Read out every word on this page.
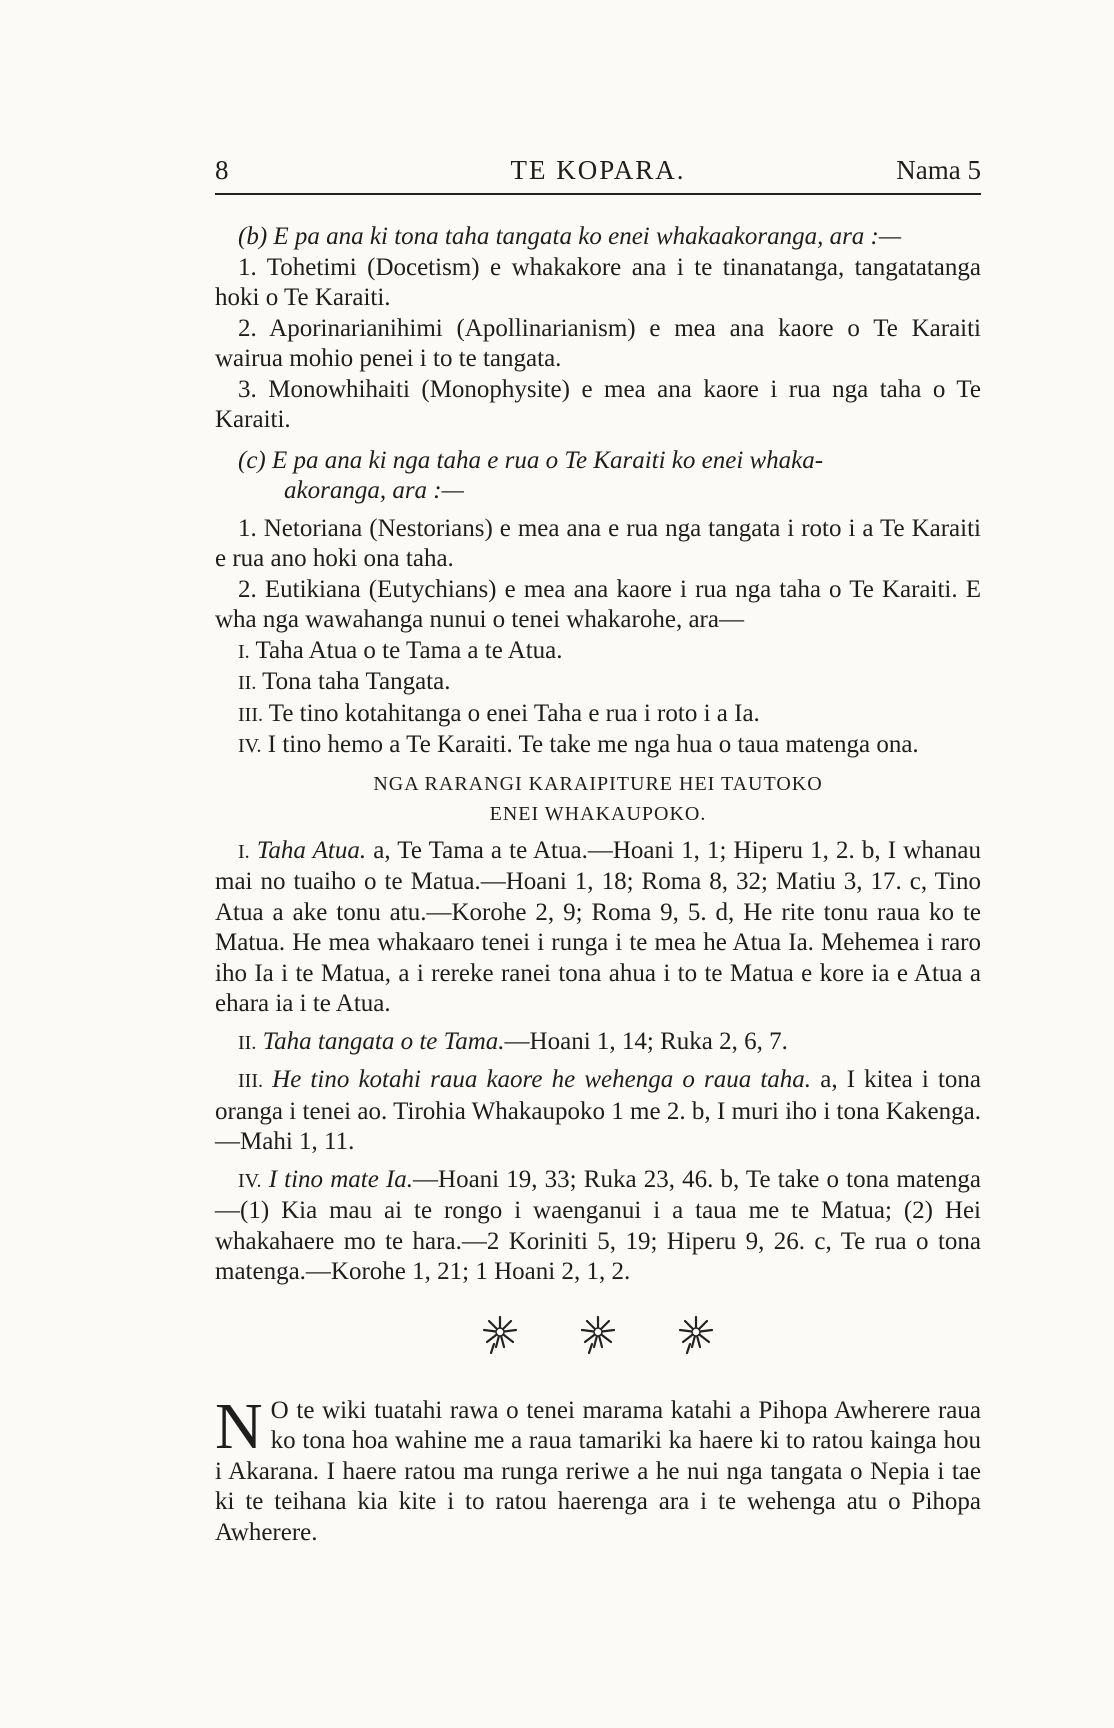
8	TE KOPARA.	Nama 5

(b) E pa ana ki tona taha tangata ko enei whakaakoranga, ara :—

1. Tohetimi (Docetism) e whakakore ana i te tinanatanga, tangatatanga hoki o Te Karaiti.

2. Aporinarianihimi (Apollinarianism) e mea ana kaore o Te Karaiti wairua mohio penei i to te tangata.

3. Monowhihaiti (Monophysite) e mea ana kaore i rua nga taha o Te Karaiti.

(c) E pa ana ki nga taha e rua o Te Karaiti ko enei whaka-

akoranga, ara :—

1. Netoriana (Nestorians) e mea ana e rua nga tangata i roto i a Te Karaiti e rua ano hoki ona taha.

2. Eutikiana (Eutychians) e mea ana kaore i rua nga taha o Te Karaiti. E wha nga wawahanga nunui o tenei whakarohe, ara—

I. Taha Atua o te Tama a te Atua.

II. Tona taha Tangata.

III. Te tino kotahitanga o enei Taha e rua i roto i a Ia.

IV. I tino hemo a Te Karaiti. Te take me nga hua o taua matenga ona.

NGA RARANGI KARAIPITURE HEI TAUTOKO
ENEI WHAKAUPOKO.

I. Taha Atua. a, Te Tama a te Atua.—Hoani 1, 1; Hiperu 1, 2. b, I whanau mai no tuaiho o te Matua.—Hoani 1, 18; Roma 8, 32; Matiu 3, 17. c, Tino Atua a ake tonu atu.—Korohe 2, 9; Roma 9, 5. d, He rite tonu raua ko te Matua. He mea whakaaro tenei i runga i te mea he Atua Ia. Mehemea i raro iho Ia i te Matua, a i rereke ranei tona ahua i to te Matua e kore ia e Atua a ehara ia i te Atua.

II. Taha tangata o te Tama.—Hoani 1, 14; Ruka 2, 6, 7.

III. He tino kotahi raua kaore he wehenga o raua taha. a, I kitea i tona oranga i tenei ao. Tirohia Whakaupoko 1 me 2. b, I muri iho i tona Kakenga.—Mahi 1, 11.

IV. I tino mate Ia.—Hoani 19, 33; Ruka 23, 46. b, Te take o tona matenga—(1) Kia mau ai te rongo i waenganui i a taua me te Matua; (2) Hei whakahaere mo te hara.—2 Koriniti 5, 19; Hiperu 9, 26. c, Te rua o tona matenga.—Korohe 1, 21; 1 Hoani 2, 1, 2.

N O te wiki tuatahi rawa o tenei marama katahi a Pihopa Awherere raua ko tona hoa wahine me a raua tamariki ka haere ki to ratou kainga hou i Akarana. I haere ratou ma runga reriwe a he nui nga tangata o Nepia i tae ki te teihana kia kite i to ratou haerenga ara i te wehenga atu o Pihopa Awherere.
